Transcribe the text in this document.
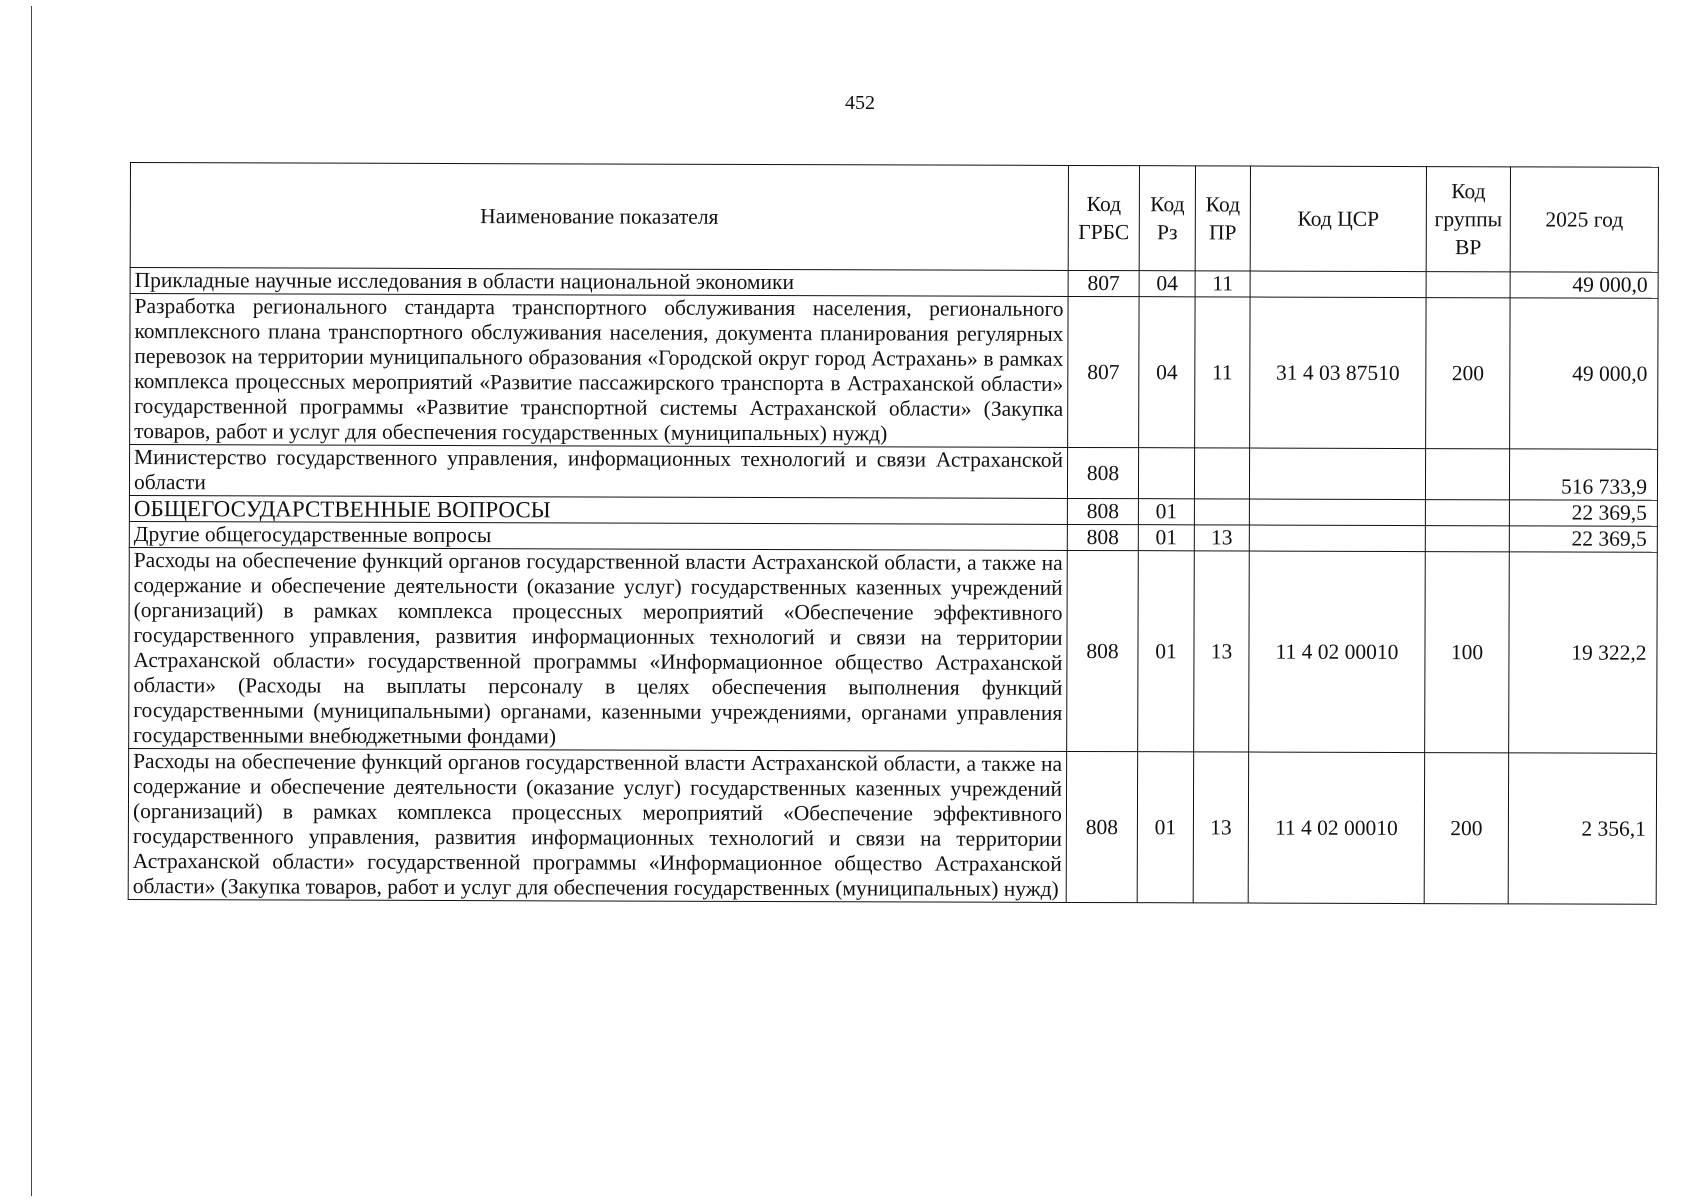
452
Наименование показателя	Код ГРБС	Код Рз	Код ПР	Код ЦСР	Код группы ВР	2025 год
Прикладные научные исследования в области национальной экономики	807	04	11			49 000,0
Разработка регионального стандарта транспортного обслуживания населения, регионального комплексного плана транспортного обслуживания населения, документа планирования регулярных перевозок на территории муниципального образования «Городской округ город Астрахань» в рамках комплекса процессных мероприятий «Развитие пассажирского транспорта в Астраханской области» государственной программы «Развитие транспортной системы Астраханской области» (Закупка товаров, работ и услуг для обеспечения государственных (муниципальных) нужд)	807	04	11	31 4 03 87510	200	49 000,0
Министерство государственного управления, информационных технологий и связи Астраханской области	808					516 733,9
ОБЩЕГОСУДАРСТВЕННЫЕ ВОПРОСЫ	808	01				22 369,5
Другие общегосударственные вопросы	808	01	13			22 369,5
Расходы на обеспечение функций органов государственной власти Астраханской области, а также на содержание и обеспечение деятельности (оказание услуг) государственных казенных учреждений (организаций) в рамках комплекса процессных мероприятий «Обеспечение эффективного государственного управления, развития информационных технологий и связи на территории Астраханской области» государственной программы «Информационное общество Астраханской области» (Расходы на выплаты персоналу в целях обеспечения выполнения функций государственными (муниципальными) органами, казенными учреждениями, органами управления государственными внебюджетными фондами)	808	01	13	11 4 02 00010	100	19 322,2
Расходы на обеспечение функций органов государственной власти Астраханской области, а также на содержание и обеспечение деятельности (оказание услуг) государственных казенных учреждений (организаций) в рамках комплекса процессных мероприятий «Обеспечение эффективного государственного управления, развития информационных технологий и связи на территории Астраханской области» государственной программы «Информационное общество Астраханской области» (Закупка товаров, работ и услуг для обеспечения государственных (муниципальных) нужд)	808	01	13	11 4 02 00010	200	2 356,1
